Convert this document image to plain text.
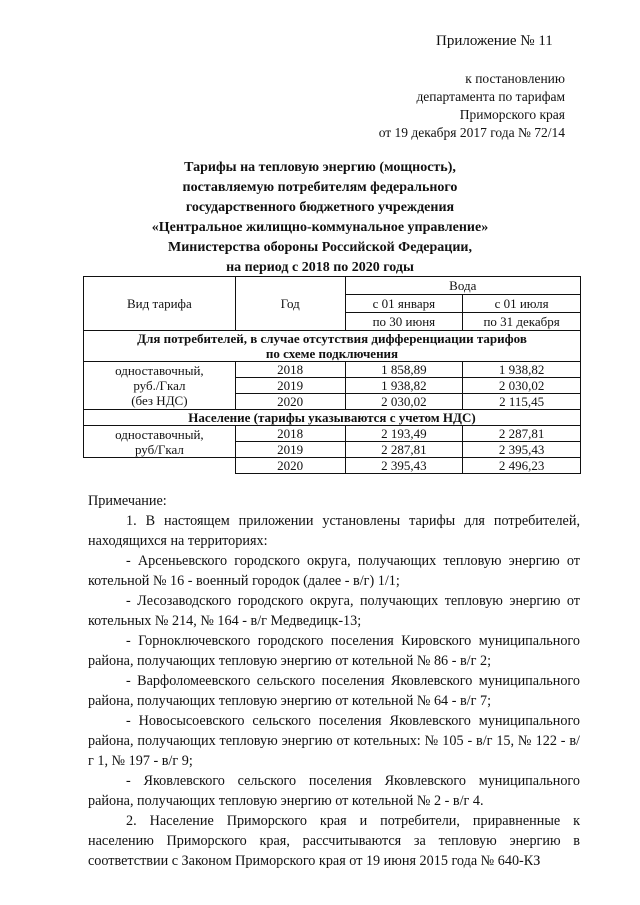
Приложение № 11
к постановлению
департамента по тарифам
Приморского края
от 19 декабря 2017 года № 72/14
Тарифы на тепловую энергию (мощность),
поставляемую потребителям федерального
государственного бюджетного учреждения
«Центральное жилищно-коммунальное управление»
Министерства обороны Российской Федерации,
на период с 2018 по 2020 годы
Вид тарифа	Год	Вода	
		с 01 января	с 01 июля
		по 30 июня	по 31 декабря

Для потребителей, в случае отсутствия дифференциации тарифов
по схеме подключения			

одноставочный,
руб./Гкал
(без НДС)	2018	1 858,89	1 938,82
	2019	1 938,82	2 030,02
	2020	2 030,02	2 115,45
Население (тарифы указываются с учетом НДС)			

одноставочный,
руб/Гкал	2018	2 193,49	2 287,81
	2019	2 287,81	2 395,43
	2020	2 395,43	2 496,23

Примечание:

1. В настоящем приложении установлены тарифы для потребителей, находящихся на территориях:

- Арсеньевского городского округа, получающих тепловую энергию от котельной № 16 - военный городок (далее - в/г) 1/1;

- Лесозаводского городского округа, получающих тепловую энергию от котельных № 214, № 164 - в/г Медведицк-13;

- Горноключевского городского поселения Кировского муниципального района, получающих тепловую энергию от котельной № 86 - в/г 2;

- Варфоломеевского сельского поселения Яковлевского муниципального района, получающих тепловую энергию от котельной № 64 - в/г 7;

- Новосысоевского сельского поселения Яковлевского муниципального района, получающих тепловую энергию от котельных: № 105 - в/г 15, № 122 - в/г 1, № 197 - в/г 9;

- Яковлевского сельского поселения Яковлевского муниципального района, получающих тепловую энергию от котельной № 2 - в/г 4.

2. Население Приморского края и потребители, приравненные к населению Приморского края, рассчитываются за тепловую энергию в соответствии с Законом Приморского края от 19 июня 2015 года № 640-КЗ
